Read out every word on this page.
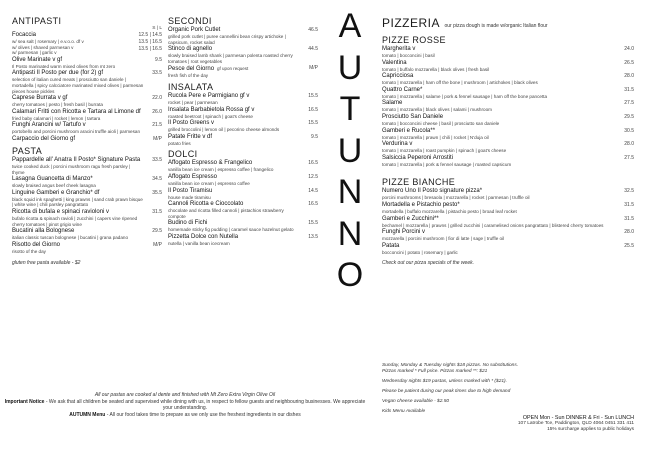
ANTIPASTI
S | L
Focaccia
w/ sea salt | rosemary | e.v.o.o. df v
w/ olives | shaved parmesan v
w/ parmesan | garlic v
12.5 | 14.5
13.5 | 16.5
13.5 | 16.5
Olive Marinate v gf
Il Posto marinated warm mixed olives from mt zero
9.5
Antipasti Il Posto per due (for 2) gf
selection of italian cured meats | prosciutto san daniele | mortadella | spicy calcciatore marinated mixed olives | parmesan pieces house pickles
33.5
Caprese Burrata v gf
cherry tomatoes | pesto | fresh basil | burrata
22.0
Calamari Fritti con Ricotta e Tartara al Limone df
fried baby calamari | rocket | lemon | tartara
26.0
Funghi Arancini w/ Tartufo v
portobello and porcini mushroom aracini truffle aioli | parmesan
21.5
Carpaccio del Giorno gf	M/P
PASTA
Pappardelle all' Anatra Il Posto* Signature Pasta
twice cooked duck | porcini mushroom ragu fresh parsley | thyme
33.5
Lasagna Guancetta di Manzo*
slowly braised angus beef cheek lasagna
34.5
Linguine Gamberi e Granchio* df
black squid ink spaghetti | king prawns | sand crab prawn bisque | white wine | chili parsley pangrattato
35.5
Ricotta di bufala e spinaci ravioloni v
bufalo ricotta & spinach ravioli | zucchini | capers vine ripened cherry tomatoes | pinot grigio wine
31.5
Bucatini alla Bolognese
italian classic tuscan bolognese | bucatini | grana padano
29.5
Risotto del Giorno
risotto of the day
M/P
gluten free pasta available - $2
SECONDI
Organic Pork Cutlet
grilled pork cutlet | puree cannellini bean crispy artichoke | capsicum, rocket salad
46.5
Stinco di agnello
slowly braised lamb shank | parmesan polenta roasted cherry tomatoes | root vegetables
44.5
Pesce del Giorno gf upon request
fresh fish of the day
M/P
INSALATA
Rucola Pere e Parmigiano gf v
rocket | pear | parmesan
15.5
Insalata Barbabietola Rossa gf v
roasted beetroot | spinach | goat's cheese
16.5
Il Posto Greens v
grilled broccolini | lemon oil | pecorino cheese almonds
15.5
Patate Fritte v df
potato fries
9.5
DOLCI
Affogato Espresso & Frangelico
vanilla bean ice cream | espresso coffee | frangelico
16.5
Affogato Espresso
vanilla bean ice cream | espresso coffee
12.5
Il Posto Tiramisu
house made tiramisu
14.5
Cannoli Ricotta e Cioccolato
chocolate and ricotta filled cannoli | pistachios strawberry compote
16.5
Budino di Fichi
homemade sticky fig pudding | caramel sauce hazelnut gelato
15.5
Pizzetta Dolce con Nutella
nutella | vanilla bean icecream
13.5
A
U
T
U
N
N
O
PIZZERIA our pizza dough is made w/organic Italian flour
PIZZE ROSSE
Margherita v
tomato | bocconcini | basil
24.0
Valentina
tomato | buffalo mozzarella | black olives | fresh basil
26.5
Capricciosa
tomato | mozzarella | ham off the bone | mushroom | artichokes | black olives
28.0
Quattro Carne*
tomato | mozzarella | salame | pork & fennel sausage | ham off the bone pancetta
31.5
Salame
tomato | mozzarella | black olives | salami | mushroom
27.5
Prosciutto San Daniele
tomato | bocconcini cheese | basil | prosciutto san daniele
29.5
Gamberi e Rucola**
tomato | mozzarella | prawn | chili | rocket | N'duja oil
30.5
Verdurina v
tomato | mozzarella | roast pumpkin | spinach | goat's cheese
28.0
Salsiccia Peperoni Arrostiti
tomato | mozzarella | pork & fennel sausage | roasted capsicum
27.5
PIZZE BIANCHE
Numero Uno Il Posto signature pizza*
porcini mushrooms | bresaola | mozzarella | rocket | parmesan | truffle oil
32.5
Mortadella e Pistachio pesto*
mortadella | buffalo mozzarella | pistachio pesto | broad leaf rocket
31.5
Gamberi e Zucchini**
bechamel | mozzarella | prawns | grilled zucchini | caramelised onions pangrattato | blistered cherry tomatoes
31.5
Funghi Porcini v
mozzarella | porcini mushroom | fior di latte | sage | truffle oil
28.0
Patata
bocconcini | potato | rosemary | garlic
25.5
Check out our pizza specials of the week.
Sunday, Monday & Tuesday nights $18 pizzas. No substitutions.
Pizzas marked * Full price. Pizzas marked **: $21
Wednesday nights $19 pastas, unless marked with * ($21).
Please be patient during our peak times due to high demand
Vegan cheese available - $2.50
Kids Menu Available
OPEN Mon - Sun DINNER & Fri - Sun LUNCH
107 Latrobe Tce, Paddington, QLD 4064 0451 331 411
15% surcharge applies to public holidays
All our pastas are cooked al dente and finished with Mt Zero Extra Virgin Olive Oil
Important Notice - We ask that all children be seated and supervised while dining with us, in respect to fellow guests and neighbouring businesses. We appreciate your understanding.
AUTUMN Menu - All our food takes time to prepare as we only use the freshest ingredients in our dishes
